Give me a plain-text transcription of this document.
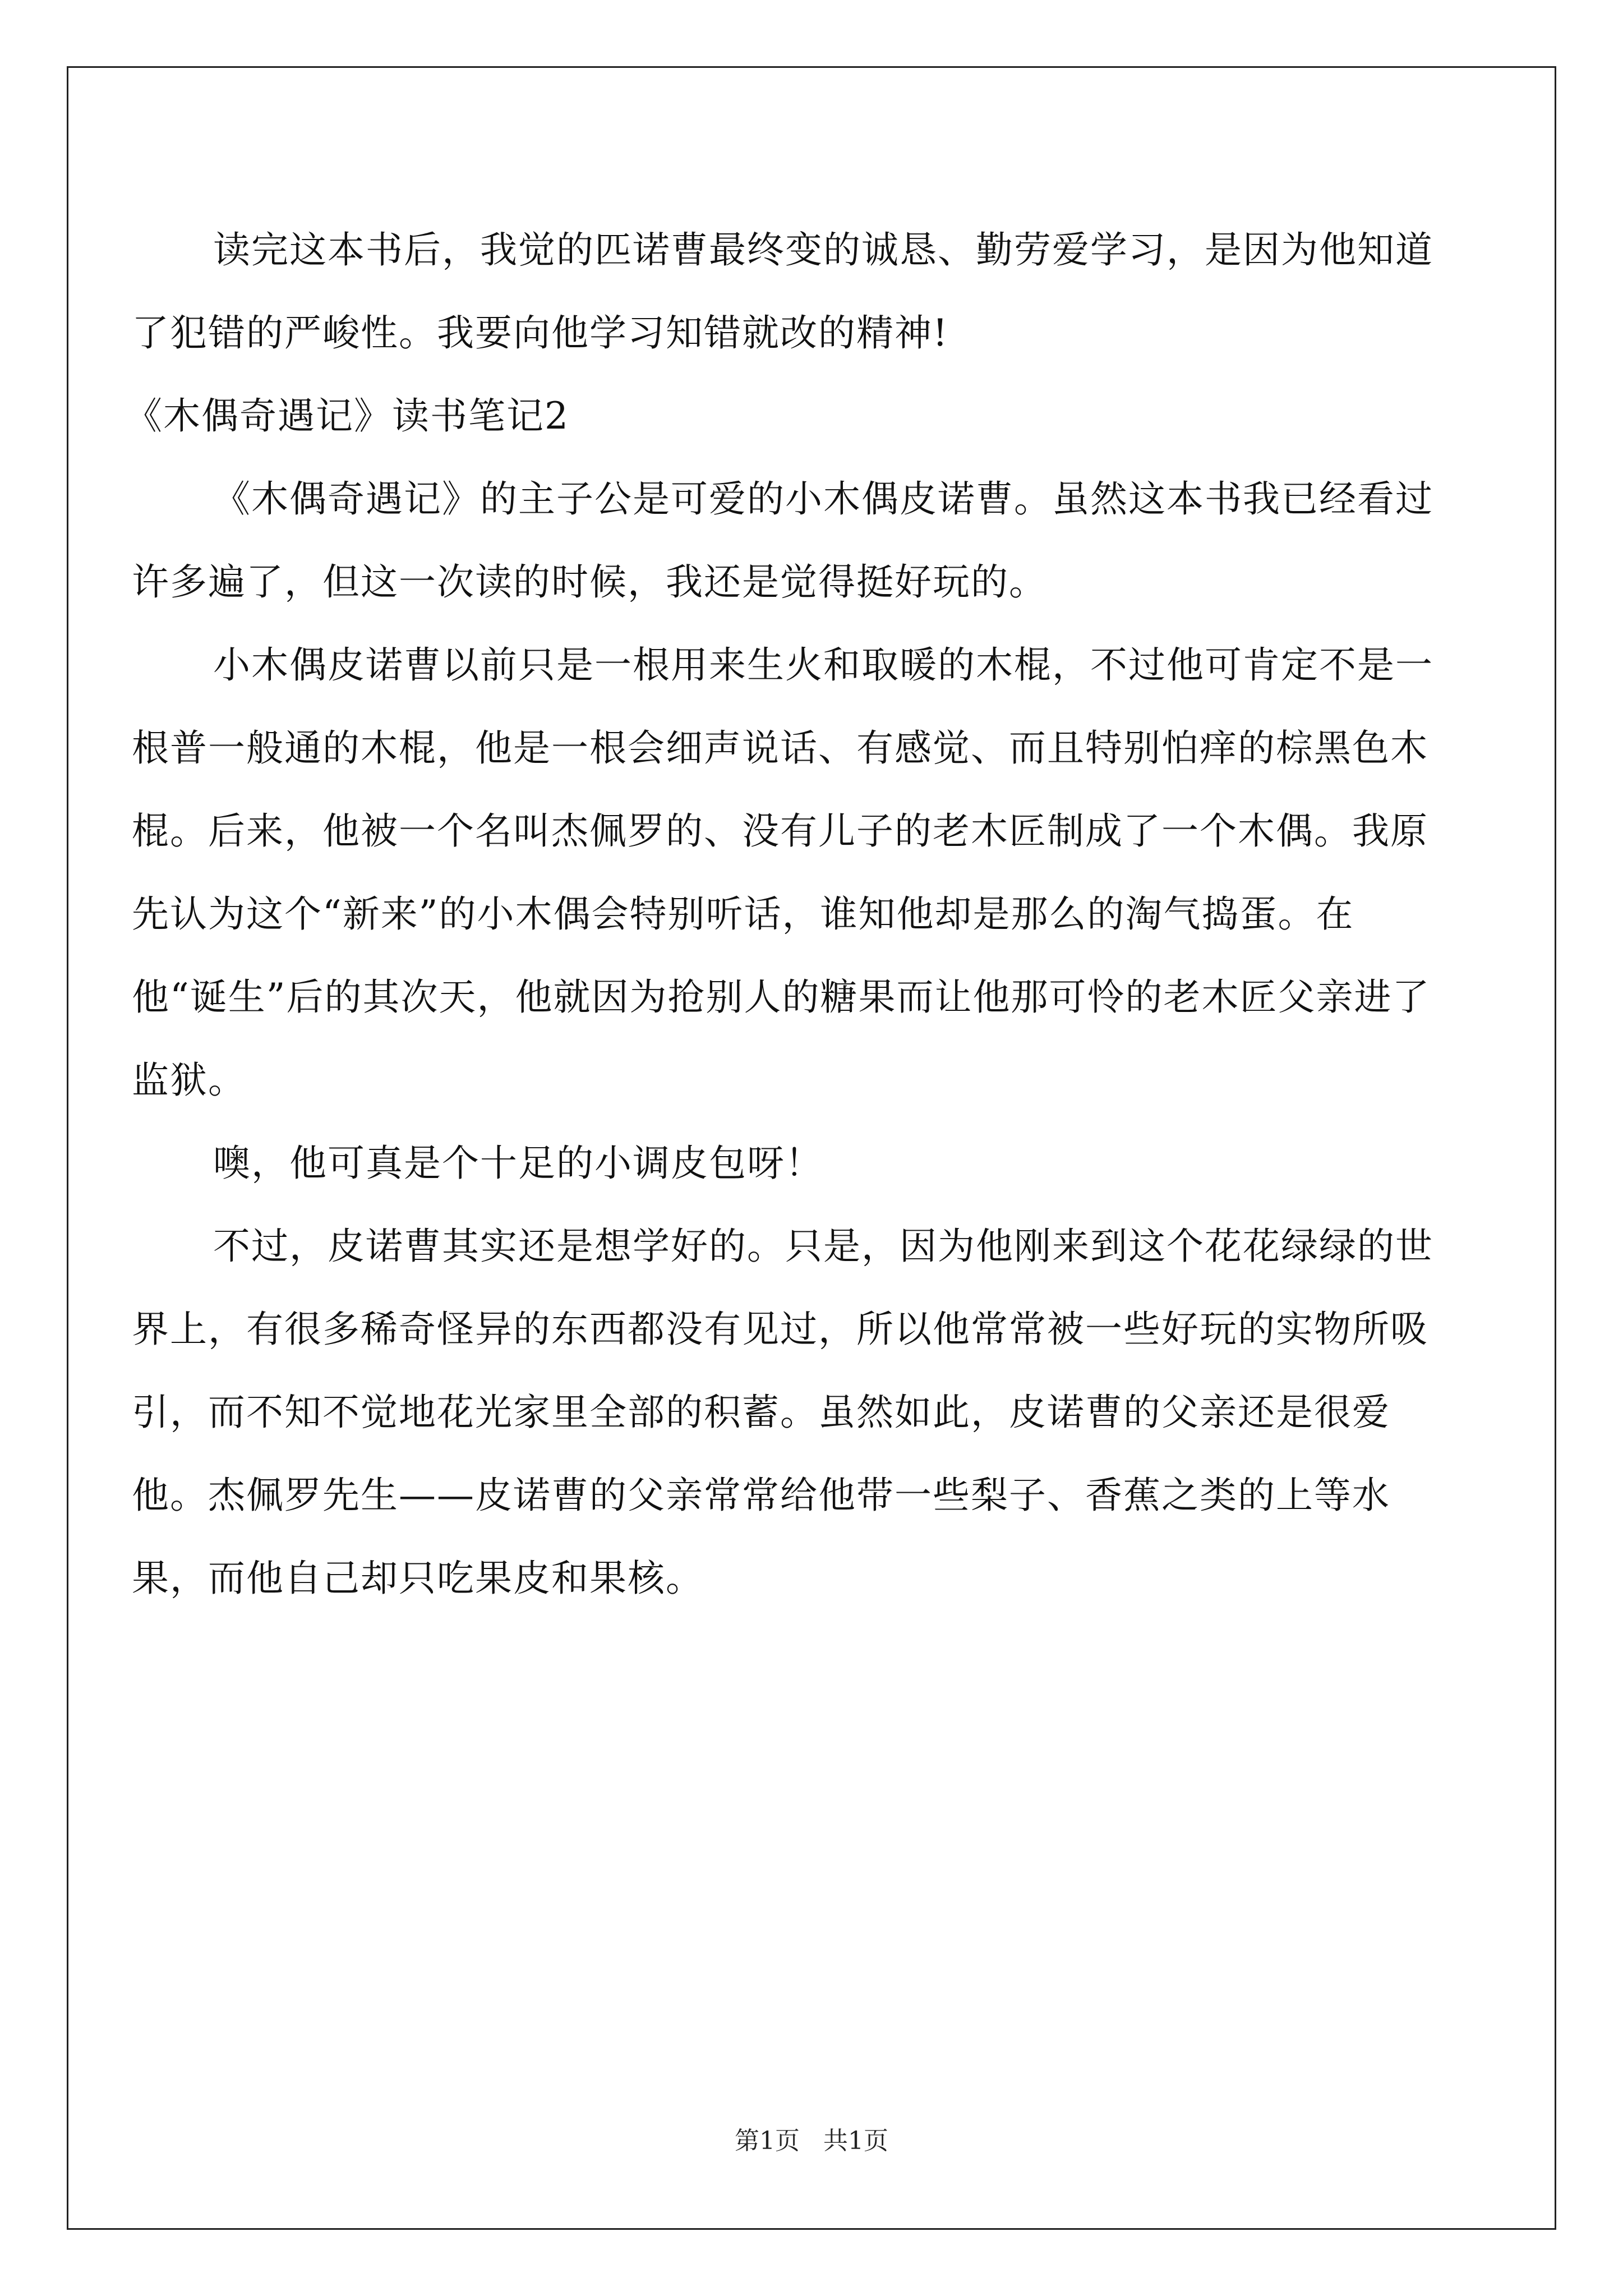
读完这本书后，我觉的匹诺曹最终变的诚恳、勤劳爱学习，是因为他知道了犯错的严峻性。我要向他学习知错就改的精神!

《木偶奇遇记》读书笔记2

《木偶奇遇记》的主子公是可爱的小木偶皮诺曹。虽然这本书我已经看过许多遍了，但这一次读的时候，我还是觉得挺好玩的。

小木偶皮诺曹以前只是一根用来生火和取暖的木棍，不过他可肯定不是一根普一般通的木棍，他是一根会细声说话、有感觉、而且特别怕痒的棕黑色木棍。后来，他被一个名叫杰佩罗的、没有儿子的老木匠制成了一个木偶。我原先认为这个“新来”的小木偶会特别听话，谁知他却是那么的淘气捣蛋。在他“诞生”后的其次天，他就因为抢别人的糖果而让他那可怜的老木匠父亲进了监狱。

噢，他可真是个十足的小调皮包呀！

不过，皮诺曹其实还是想学好的。只是，因为他刚来到这个花花绿绿的世界上，有很多稀奇怪异的东西都没有见过，所以他常常被一些好玩的实物所吸引，而不知不觉地花光家里全部的积蓄。虽然如此，皮诺曹的父亲还是很爱他。杰佩罗先生——皮诺曹的父亲常常给他带一些梨子、香蕉之类的上等水果，而他自己却只吃果皮和果核。

第1页 共1页
